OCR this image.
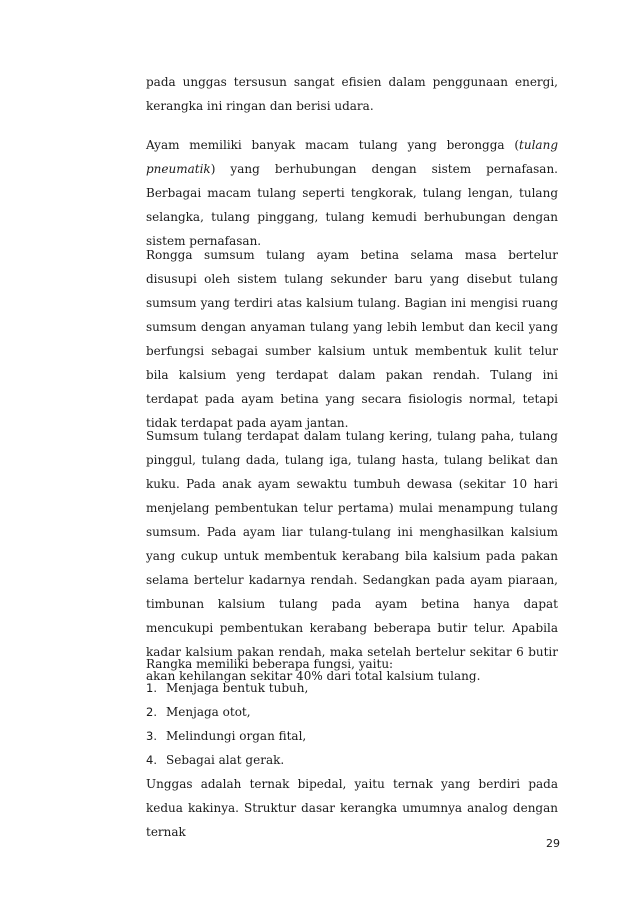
pada unggas tersusun sangat efisien dalam penggunaan energi, kerangka ini ringan dan berisi udara.

Ayam memiliki banyak macam tulang yang berongga (tulang pneumatik) yang berhubungan dengan sistem pernafasan. Berbagai macam tulang seperti tengkorak, tulang lengan, tulang selangka, tulang pinggang, tulang kemudi berhubungan dengan sistem pernafasan.

Rongga sumsum tulang ayam betina selama masa bertelur disusupi oleh sistem tulang sekunder baru yang disebut tulang sumsum yang terdiri atas kalsium tulang. Bagian ini mengisi ruang sumsum dengan anyaman tulang yang lebih lembut dan kecil yang berfungsi sebagai sumber kalsium untuk membentuk kulit telur bila kalsium yeng terdapat dalam pakan rendah. Tulang ini terdapat pada ayam betina yang secara fisiologis normal, tetapi tidak terdapat pada ayam jantan.

Sumsum tulang terdapat dalam tulang kering, tulang paha, tulang pinggul, tulang dada, tulang iga, tulang hasta, tulang belikat dan kuku. Pada anak ayam sewaktu tumbuh dewasa (sekitar 10 hari menjelang pembentukan telur pertama) mulai menampung tulang sumsum. Pada ayam liar tulang-tulang ini menghasilkan kalsium yang cukup untuk membentuk kerabang bila kalsium pada pakan selama bertelur kadarnya rendah. Sedangkan pada ayam piaraan, timbunan kalsium tulang pada ayam betina hanya dapat mencukupi pembentukan kerabang beberapa butir telur. Apabila kadar kalsium pakan rendah, maka setelah bertelur sekitar 6 butir akan kehilangan sekitar 40% dari total kalsium tulang.

Rangka memiliki beberapa fungsi, yaitu:

1. Menjaga bentuk tubuh,
2. Menjaga otot,
3. Melindungi organ fital,
4. Sebagai alat gerak.

Unggas adalah ternak bipedal, yaitu ternak yang berdiri pada kedua kakinya. Struktur dasar kerangka umumnya analog dengan ternak

29
